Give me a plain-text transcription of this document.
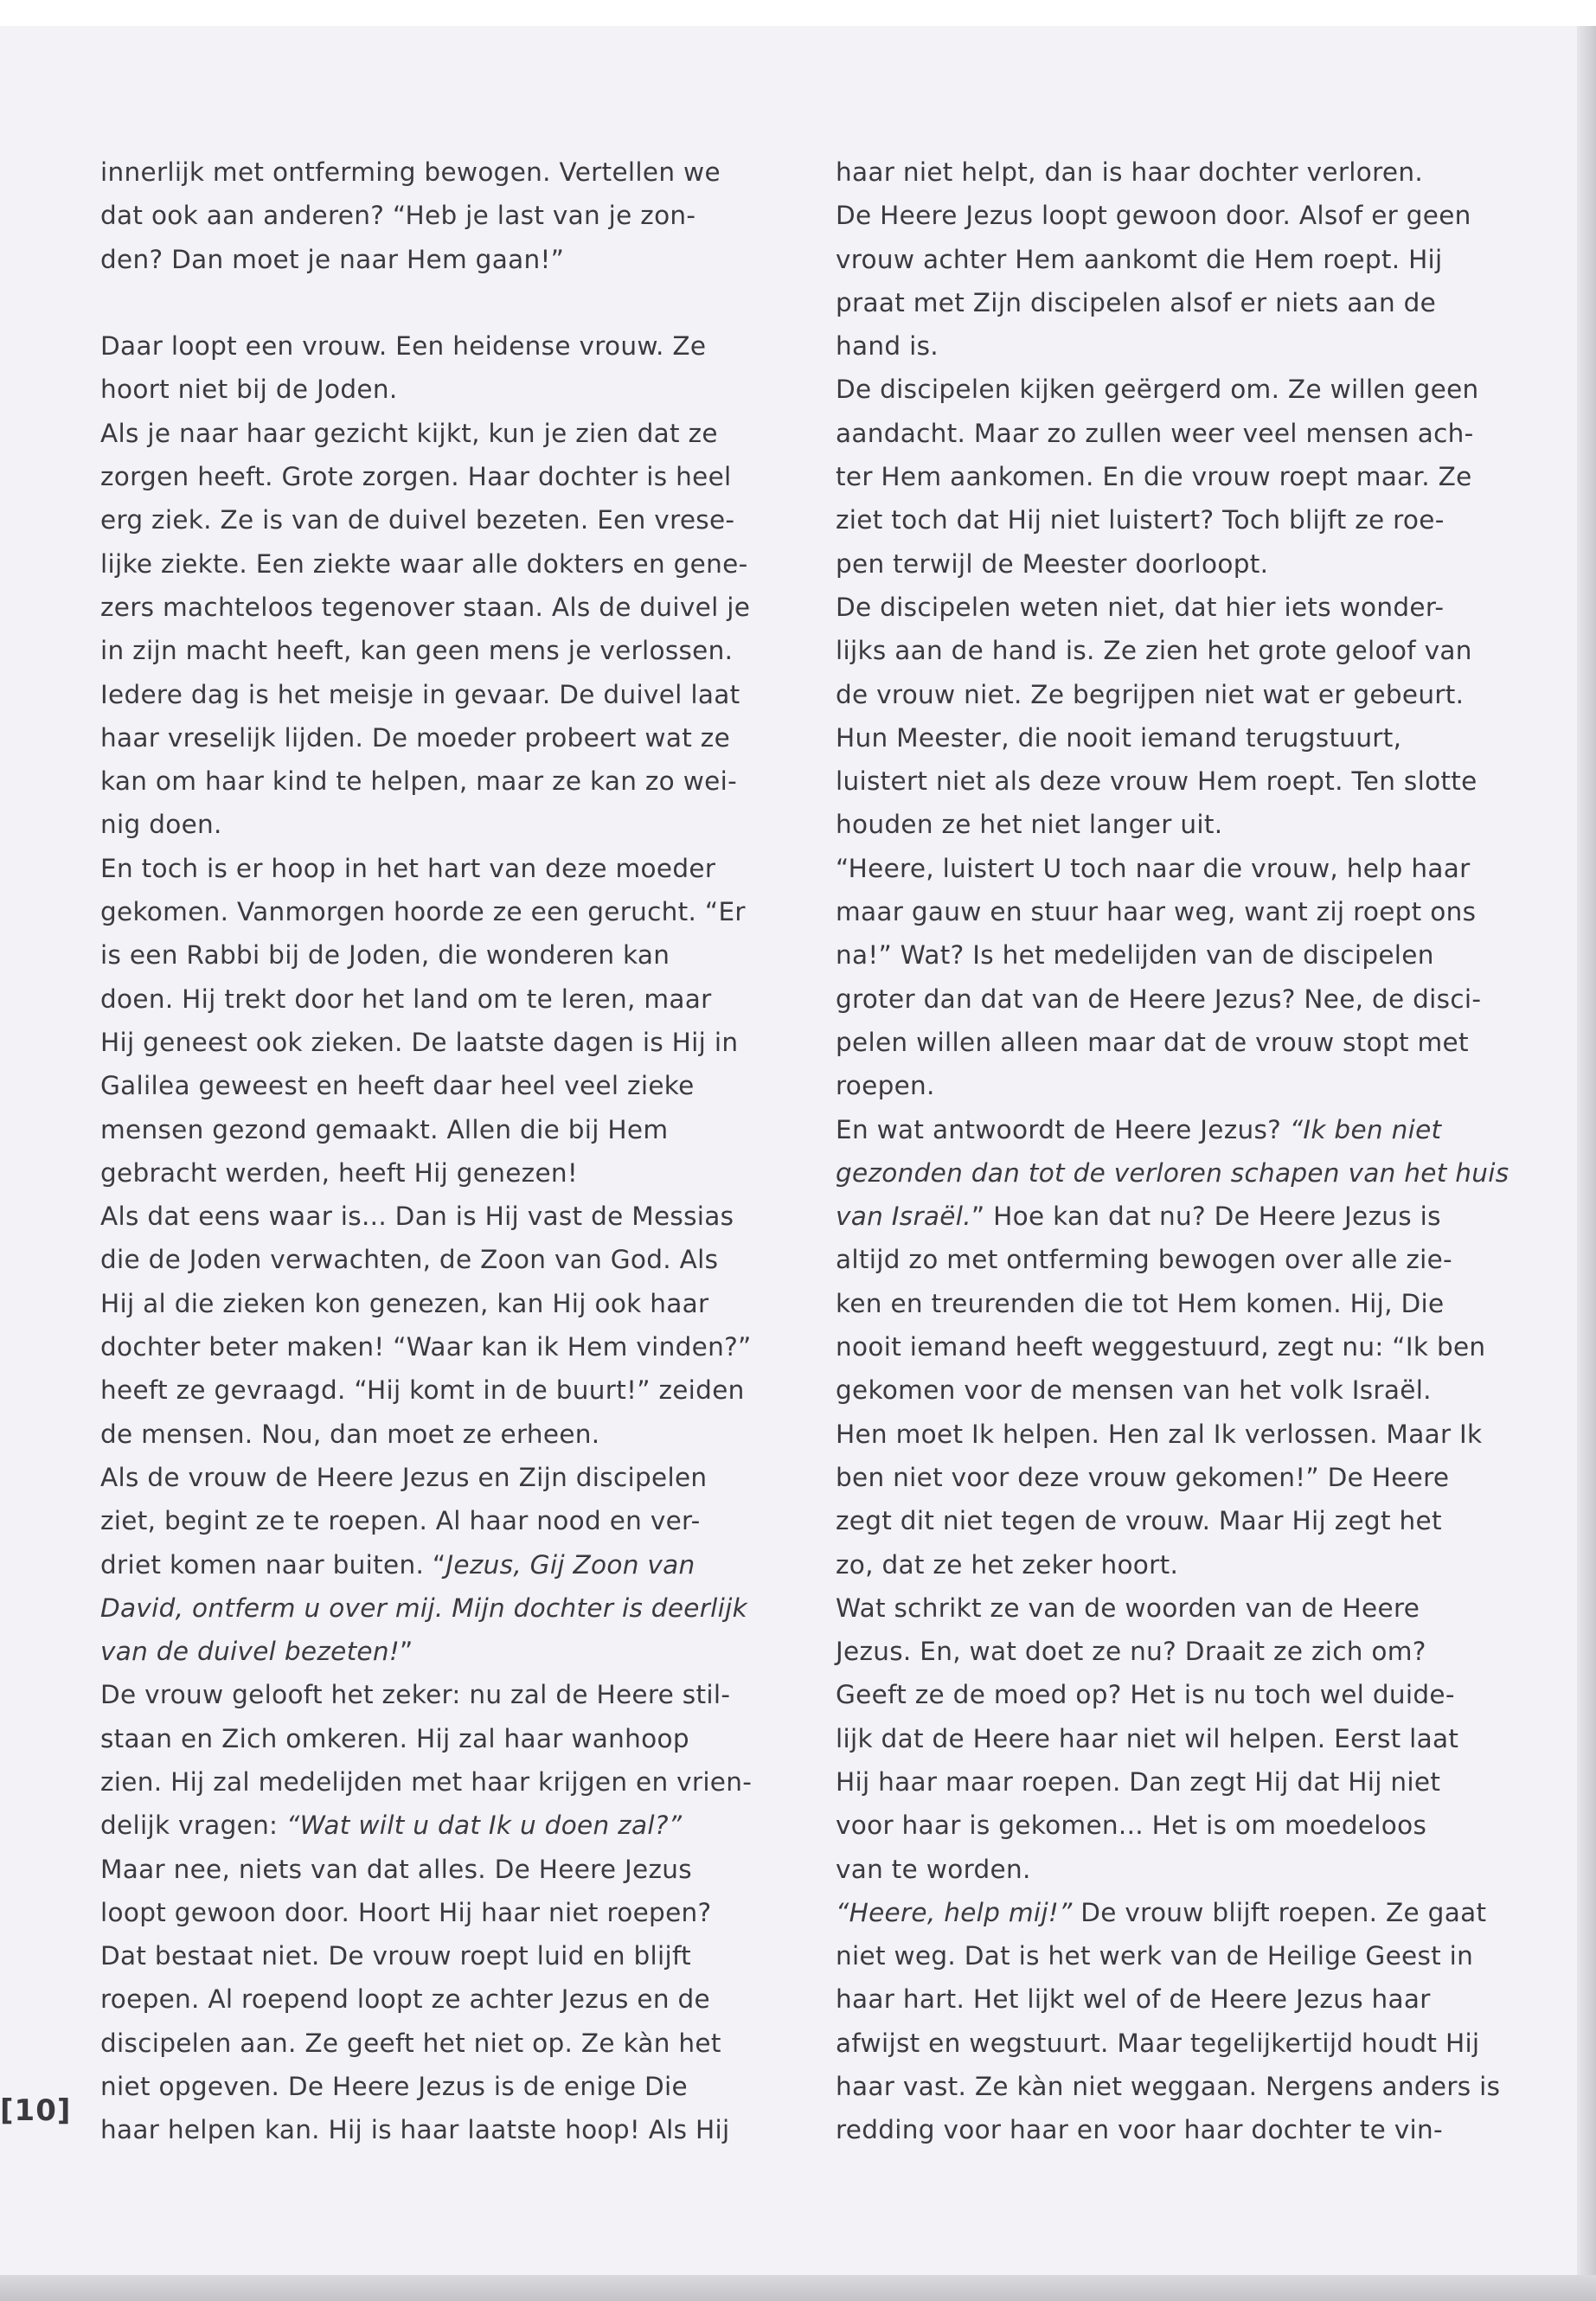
innerlijk met ontferming bewogen. Vertellen we
dat ook aan anderen? “Heb je last van je zon-
den? Dan moet je naar Hem gaan!”
Daar loopt een vrouw. Een heidense vrouw. Ze
hoort niet bij de Joden.
Als je naar haar gezicht kijkt, kun je zien dat ze
zorgen heeft. Grote zorgen. Haar dochter is heel
erg ziek. Ze is van de duivel bezeten. Een vrese-
lijke ziekte. Een ziekte waar alle dokters en gene-
zers machteloos tegenover staan. Als de duivel je
in zijn macht heeft, kan geen mens je verlossen.
Iedere dag is het meisje in gevaar. De duivel laat
haar vreselijk lijden. De moeder probeert wat ze
kan om haar kind te helpen, maar ze kan zo wei-
nig doen.
En toch is er hoop in het hart van deze moeder
gekomen. Vanmorgen hoorde ze een gerucht. “Er
is een Rabbi bij de Joden, die wonderen kan
doen. Hij trekt door het land om te leren, maar
Hij geneest ook zieken. De laatste dagen is Hij in
Galilea geweest en heeft daar heel veel zieke
mensen gezond gemaakt. Allen die bij Hem
gebracht werden, heeft Hij genezen!
Als dat eens waar is... Dan is Hij vast de Messias
die de Joden verwachten, de Zoon van God. Als
Hij al die zieken kon genezen, kan Hij ook haar
dochter beter maken! “Waar kan ik Hem vinden?”
heeft ze gevraagd. “Hij komt in de buurt!” zeiden
de mensen. Nou, dan moet ze erheen.
Als de vrouw de Heere Jezus en Zijn discipelen
ziet, begint ze te roepen. Al haar nood en ver-
driet komen naar buiten. “Jezus, Gij Zoon van
David, ontferm u over mij. Mijn dochter is deerlijk
van de duivel bezeten!”
De vrouw gelooft het zeker: nu zal de Heere stil-
staan en Zich omkeren. Hij zal haar wanhoop
zien. Hij zal medelijden met haar krijgen en vrien-
delijk vragen: “Wat wilt u dat Ik u doen zal?”
Maar nee, niets van dat alles. De Heere Jezus
loopt gewoon door. Hoort Hij haar niet roepen?
Dat bestaat niet. De vrouw roept luid en blijft
roepen. Al roepend loopt ze achter Jezus en de
discipelen aan. Ze geeft het niet op. Ze kàn het
niet opgeven. De Heere Jezus is de enige Die
haar helpen kan. Hij is haar laatste hoop! Als Hij
haar niet helpt, dan is haar dochter verloren.
De Heere Jezus loopt gewoon door. Alsof er geen
vrouw achter Hem aankomt die Hem roept. Hij
praat met Zijn discipelen alsof er niets aan de
hand is.
De discipelen kijken geërgerd om. Ze willen geen
aandacht. Maar zo zullen weer veel mensen ach-
ter Hem aankomen. En die vrouw roept maar. Ze
ziet toch dat Hij niet luistert? Toch blijft ze roe-
pen terwijl de Meester doorloopt.
De discipelen weten niet, dat hier iets wonder-
lijks aan de hand is. Ze zien het grote geloof van
de vrouw niet. Ze begrijpen niet wat er gebeurt.
Hun Meester, die nooit iemand terugstuurt,
luistert niet als deze vrouw Hem roept. Ten slotte
houden ze het niet langer uit.
“Heere, luistert U toch naar die vrouw, help haar
maar gauw en stuur haar weg, want zij roept ons
na!” Wat? Is het medelijden van de discipelen
groter dan dat van de Heere Jezus? Nee, de disci-
pelen willen alleen maar dat de vrouw stopt met
roepen.
En wat antwoordt de Heere Jezus? “Ik ben niet
gezonden dan tot de verloren schapen van het huis
van Israël.” Hoe kan dat nu? De Heere Jezus is
altijd zo met ontferming bewogen over alle zie-
ken en treurenden die tot Hem komen. Hij, Die
nooit iemand heeft weggestuurd, zegt nu: “Ik ben
gekomen voor de mensen van het volk Israël.
Hen moet Ik helpen. Hen zal Ik verlossen. Maar Ik
ben niet voor deze vrouw gekomen!” De Heere
zegt dit niet tegen de vrouw. Maar Hij zegt het
zo, dat ze het zeker hoort.
Wat schrikt ze van de woorden van de Heere
Jezus. En, wat doet ze nu? Draait ze zich om?
Geeft ze de moed op? Het is nu toch wel duide-
lijk dat de Heere haar niet wil helpen. Eerst laat
Hij haar maar roepen. Dan zegt Hij dat Hij niet
voor haar is gekomen... Het is om moedeloos
van te worden.
“Heere, help mij!” De vrouw blijft roepen. Ze gaat
niet weg. Dat is het werk van de Heilige Geest in
haar hart. Het lijkt wel of de Heere Jezus haar
afwijst en wegstuurt. Maar tegelijkertijd houdt Hij
haar vast. Ze kàn niet weggaan. Nergens anders is
redding voor haar en voor haar dochter te vin-
[10]
